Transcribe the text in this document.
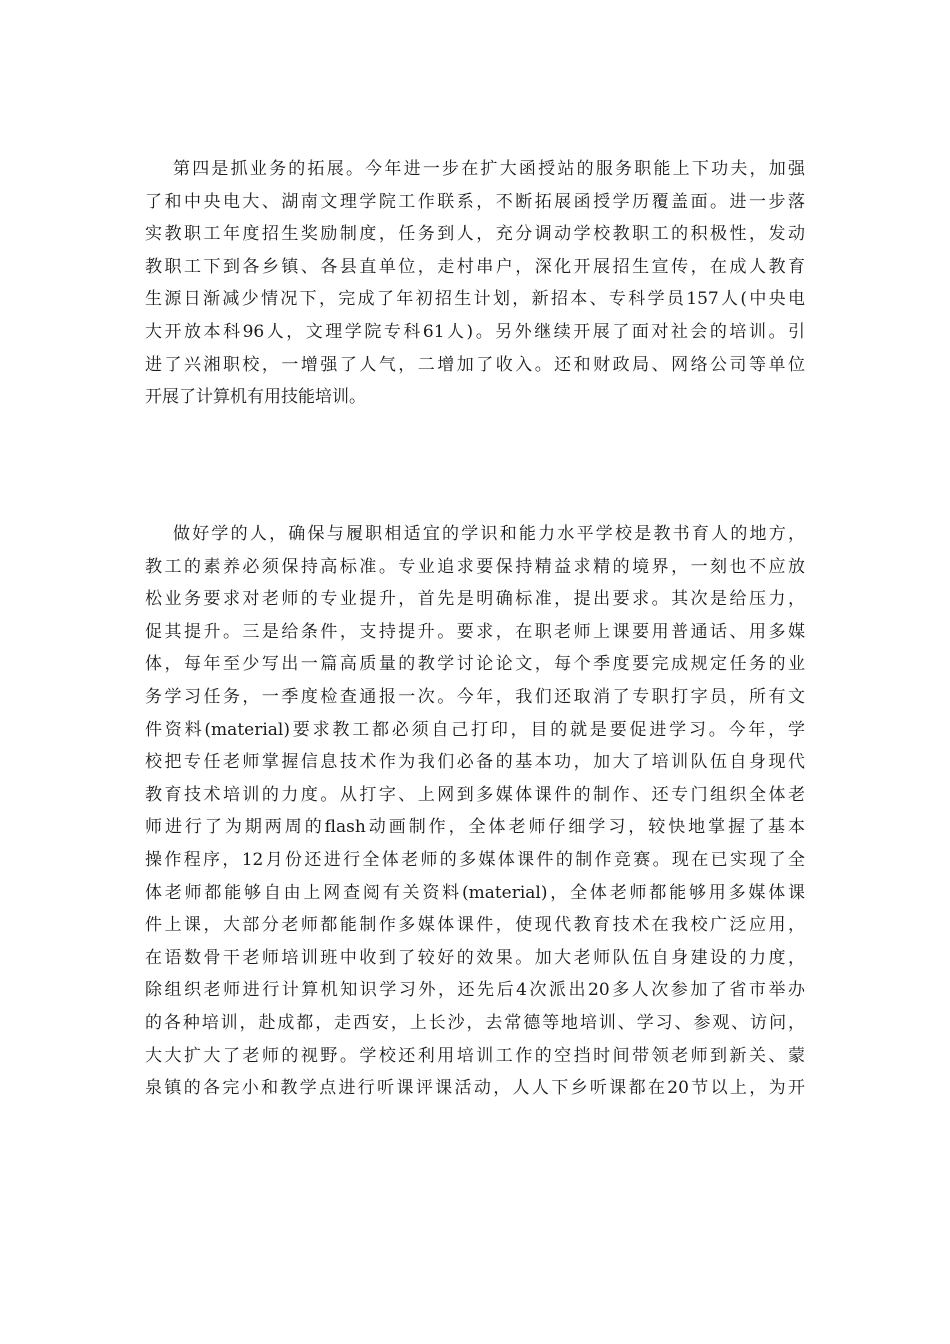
第四是抓业务的拓展。今年进一步在扩大函授站的服务职能上下功夫，加强
了和中央电大、湖南文理学院工作联系，不断拓展函授学历覆盖面。进一步落
实教职工年度招生奖励制度，任务到人，充分调动学校教职工的积极性，发动
教职工下到各乡镇、各县直单位，走村串户，深化开展招生宣传，在成人教育
生源日渐减少情况下，完成了年初招生计划，新招本、专科学员157人(中央电
大开放本科96人，文理学院专科61人)。另外继续开展了面对社会的培训。引
进了兴湘职校，一增强了人气，二增加了收入。还和财政局、网络公司等单位
开展了计算机有用技能培训。
做好学的人，确保与履职相适宜的学识和能力水平学校是教书育人的地方，
教工的素养必须保持高标准。专业追求要保持精益求精的境界，一刻也不应放
松业务要求对老师的专业提升，首先是明确标准，提出要求。其次是给压力，
促其提升。三是给条件，支持提升。要求，在职老师上课要用普通话、用多媒
体，每年至少写出一篇高质量的教学讨论论文，每个季度要完成规定任务的业
务学习任务，一季度检查通报一次。今年，我们还取消了专职打字员，所有文
件资料(material)要求教工都必须自己打印，目的就是要促进学习。今年，学
校把专任老师掌握信息技术作为我们必备的基本功，加大了培训队伍自身现代
教育技术培训的力度。从打字、上网到多媒体课件的制作、还专门组织全体老
师进行了为期两周的flash动画制作，全体老师仔细学习，较快地掌握了基本
操作程序，12月份还进行全体老师的多媒体课件的制作竞赛。现在已实现了全
体老师都能够自由上网查阅有关资料(material)，全体老师都能够用多媒体课
件上课，大部分老师都能制作多媒体课件，使现代教育技术在我校广泛应用，
在语数骨干老师培训班中收到了较好的效果。加大老师队伍自身建设的力度，
除组织老师进行计算机知识学习外，还先后4次派出20多人次参加了省市举办
的各种培训，赴成都，走西安，上长沙，去常德等地培训、学习、参观、访问，
大大扩大了老师的视野。学校还利用培训工作的空挡时间带领老师到新关、蒙
泉镇的各完小和教学点进行听课评课活动，人人下乡听课都在20节以上，为开
